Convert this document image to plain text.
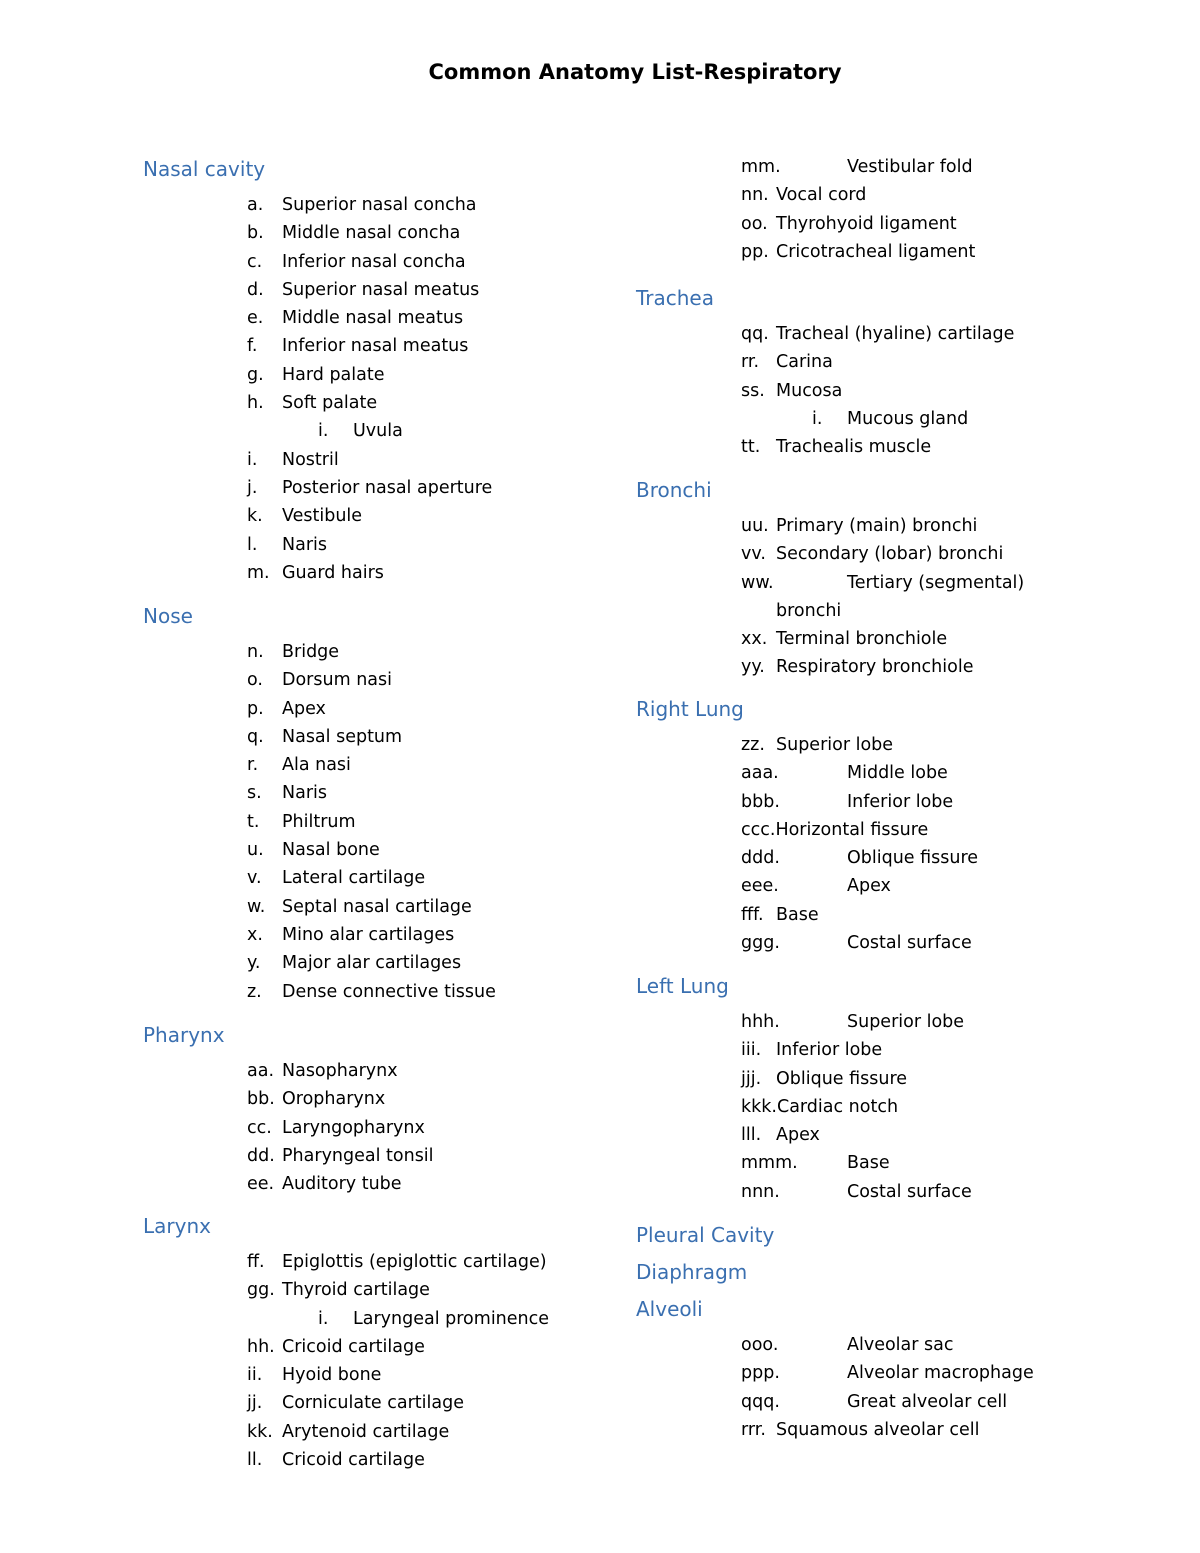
Common Anatomy List-Respiratory
Nasal cavity
a.	Superior nasal concha
b.	Middle nasal concha
c.	Inferior nasal concha
d.	Superior nasal meatus
e.	Middle nasal meatus
f.	Inferior nasal meatus
g.	Hard palate
h.	Soft palate
i.	Uvula
i.	Nostril
j.	Posterior nasal aperture
k.	Vestibule
l.	Naris
m. Guard hairs
Nose
n.	Bridge
o.	Dorsum nasi
p.	Apex
q.	Nasal septum
r.	Ala nasi
s.	Naris
t.	Philtrum
u.	Nasal bone
v.	Lateral cartilage
w. Septal nasal cartilage
x.	Mino alar cartilages
y.	Major alar cartilages
z.	Dense connective tissue
Pharynx
aa. Nasopharynx
bb. Oropharynx
cc. Laryngopharynx
dd. Pharyngeal tonsil
ee. Auditory tube
Larynx
ff. Epiglottis (epiglottic cartilage)
gg. Thyroid cartilage
i.	Laryngeal prominence
hh. Cricoid cartilage
ii.	Hyoid bone
jj.	Corniculate cartilage
kk. Arytenoid cartilage
ll.	Cricoid cartilage
mm.	Vestibular fold
nn. Vocal cord
oo. Thyrohyoid ligament
pp. Cricotracheal ligament
Trachea
qq. Tracheal (hyaline) cartilage
rr. Carina
ss. Mucosa
i.	Mucous gland
tt. Trachealis muscle
Bronchi
uu. Primary (main) bronchi
vv. Secondary (lobar) bronchi
ww.	Tertiary (segmental)
bronchi
xx. Terminal bronchiole
yy. Respiratory bronchiole
Right Lung
zz. Superior lobe
aaa.	Middle lobe
bbb.	Inferior lobe
ccc. Horizontal fissure
ddd.	Oblique fissure
eee.	Apex
fff. Base
ggg.	Costal surface
Left Lung
hhh.	Superior lobe
iii. Inferior lobe
jjj. Oblique fissure
kkk. Cardiac notch
lll. Apex
mmm.	Base
nnn.	Costal surface
Pleural Cavity
Diaphragm
Alveoli
ooo.	Alveolar sac
ppp.	Alveolar macrophage
qqq.	Great alveolar cell
rrr. Squamous alveolar cell
